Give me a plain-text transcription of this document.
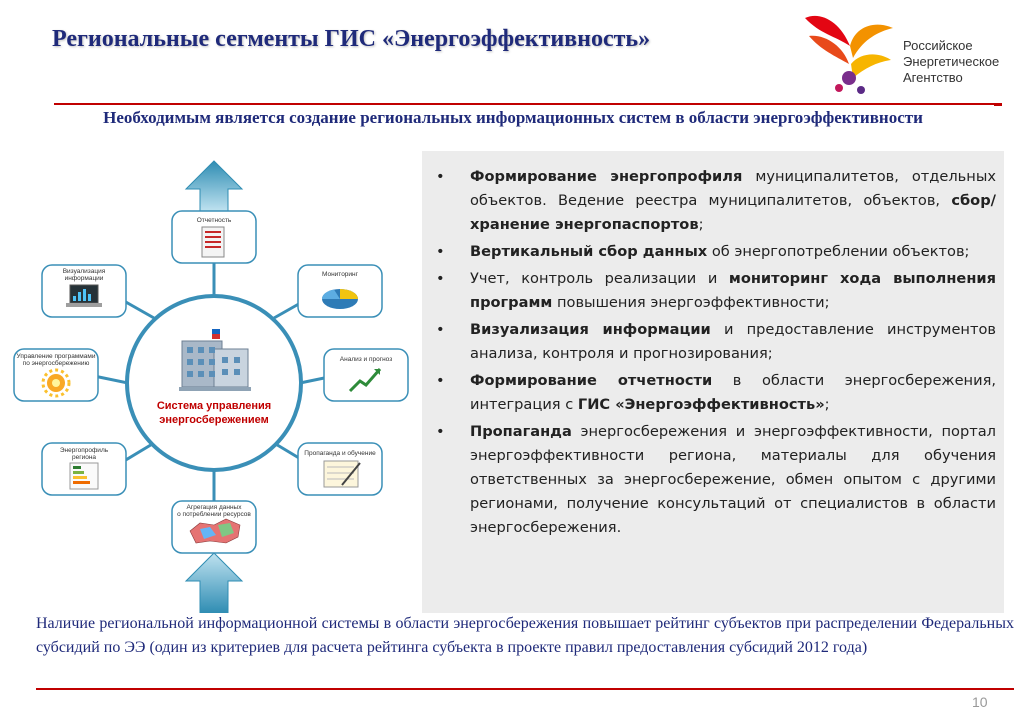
Региональные сегменты ГИС «Энергоэффективность»	Российское
Энергетическое
Агентство
Необходимым является создание региональных информационных систем в области энергоэффективности
Система управления
энергосбережением
Отчетность
Мониторинг
Анализ и прогноз
Пропаганда и обучение
Агрегация данных
о потреблении ресурсов
Энергопрофиль
региона
Управление программами
по энергосбережению
Визуализация
информации
• Формирование энергопрофиля муниципалитетов, отдельных объектов. Ведение реестра муниципалитетов, объектов, сбор/хранение энергопаспортов;
• Вертикальный сбор данных об энергопотреблении объектов;
• Учет, контроль реализации и мониторинг хода выполнения программ повышения энергоэффективности;
• Визуализация информации и предоставление инструментов анализа, контроля и прогнозирования;
• Формирование отчетности в области энергосбережения, интеграция с ГИС «Энергоэффективность»;
• Пропаганда энергосбережения и энергоэффективности, портал энергоэффективности региона, материалы для обучения ответственных за энергосбережение, обмен опытом с другими регионами, получение консультаций от специалистов в области энергосбережения.
Наличие региональной информационной системы в области энергосбережения повышает рейтинг субъектов при распределении Федеральных субсидий по ЭЭ (один из критериев для расчета рейтинга субъекта в проекте правил предоставления субсидий 2012 года)
10
